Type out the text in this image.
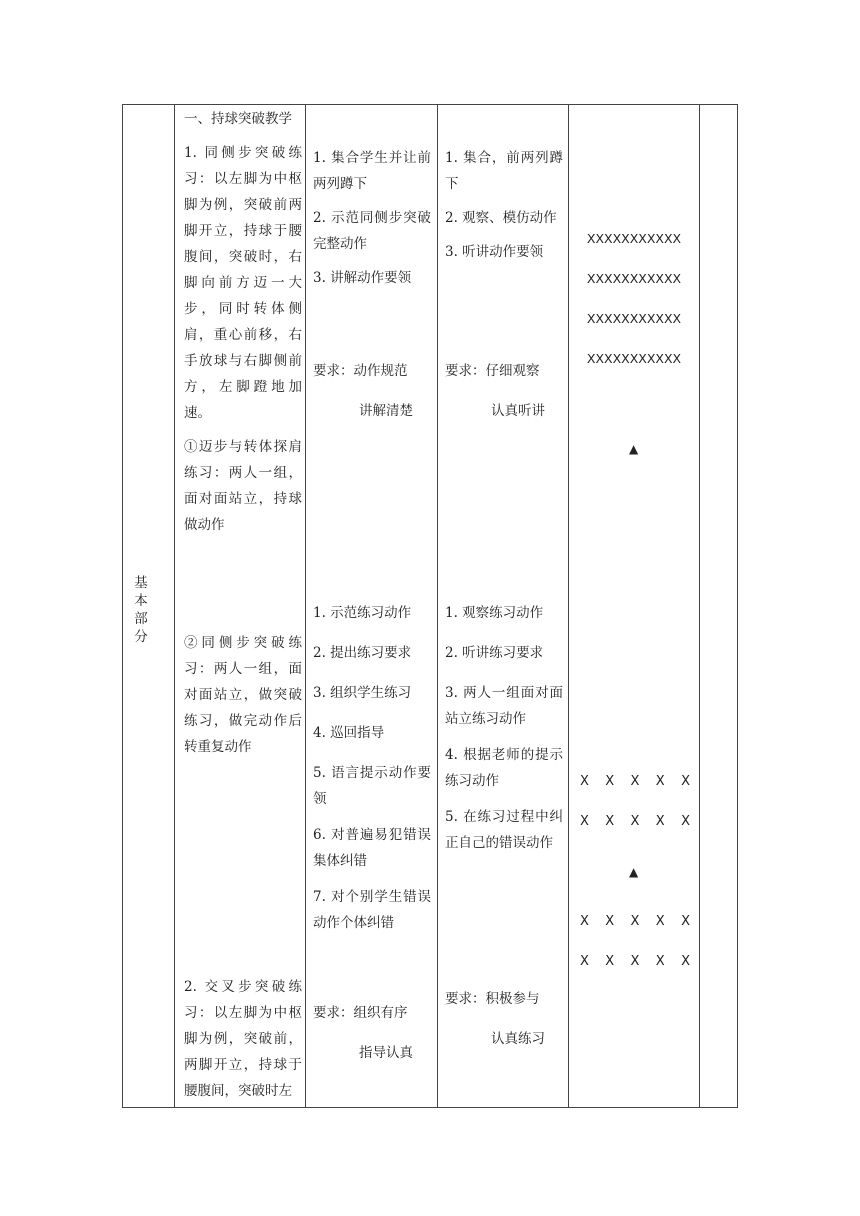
基
本
部
分

一、持球突破教学

1. 同侧步突破练习：以左脚为中枢脚为例，突破前两脚开立，持球于腰腹间，突破时，右脚向前方迈一大步，同时转体侧肩，重心前移，右手放球与右脚侧前方，左脚蹬地加速。

①迈步与转体探肩练习：两人一组，面对面站立，持球做动作

②同侧步突破练习：两人一组，面对面站立，做突破练习，做完动作后转重复动作

2. 交叉步突破练习：以左脚为中枢脚为例，突破前，两脚开立，持球于腰腹间，突破时左

1. 集合学生并让前两列蹲下

2. 示范同侧步突破完整动作

3. 讲解动作要领

要求：动作规范

讲解清楚

1. 集合，前两列蹲下

2. 观察、模仿动作

3. 听讲动作要领

要求：仔细观察

认真听讲

1. 示范练习动作

2. 提出练习要求

3. 组织学生练习

4. 巡回指导

5. 语言提示动作要领

6. 对普遍易犯错误集体纠错

7. 对个别学生错误动作个体纠错

要求：组织有序

指导认真

1. 观察练习动作

2. 听讲练习要求

3. 两人一组面对面站立练习动作

4. 根据老师的提示练习动作

5. 在练习过程中纠正自己的错误动作

要求：积极参与

认真练习

XXXXXXXXXXX
XXXXXXXXXXX
XXXXXXXXXXX
XXXXXXXXXXX
▲
X X X X X
X X X X X
▲
X X X X X
X X X X X
